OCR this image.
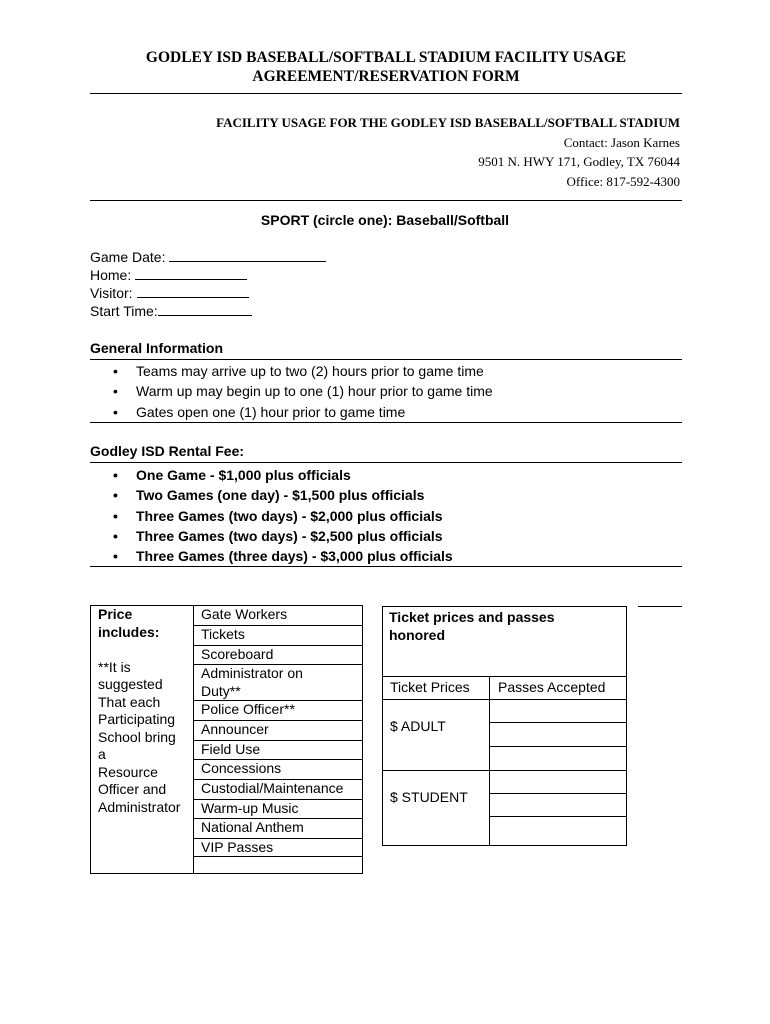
GODLEY ISD BASEBALL/SOFTBALL STADIUM FACILITY USAGE
AGREEMENT/RESERVATION FORM
FACILITY USAGE FOR THE GODLEY ISD BASEBALL/SOFTBALL STADIUM
Contact: Jason Karnes
9501 N. HWY 171, Godley, TX 76044
Office: 817-592-4300
SPORT (circle one): Baseball/Softball
Game Date:
Home:
Visitor:
Start Time:
General Information
• Teams may arrive up to two (2) hours prior to game time
• Warm up may begin up to one (1) hour prior to game time
• Gates open one (1) hour prior to game time
Godley ISD Rental Fee:
• One Game - $1,000 plus officials
• Two Games (one day) - $1,500 plus officials
• Three Games (two days) - $2,000 plus officials
• Three Games (two days) - $2,500 plus officials
• Three Games (three days) - $3,000 plus officials
Price
includes:
**It is
suggested
That each
Participating
School bring
a
Resource
Officer and
Administrator
Gate Workers
Tickets
Scoreboard
Administrator on
Duty**
Police Officer**
Announcer
Field Use
Concessions
Custodial/Maintenance
Warm-up Music
National Anthem
VIP Passes
Ticket prices and passes
honored
Ticket Prices Passes Accepted
$ ADULT
$ STUDENT
